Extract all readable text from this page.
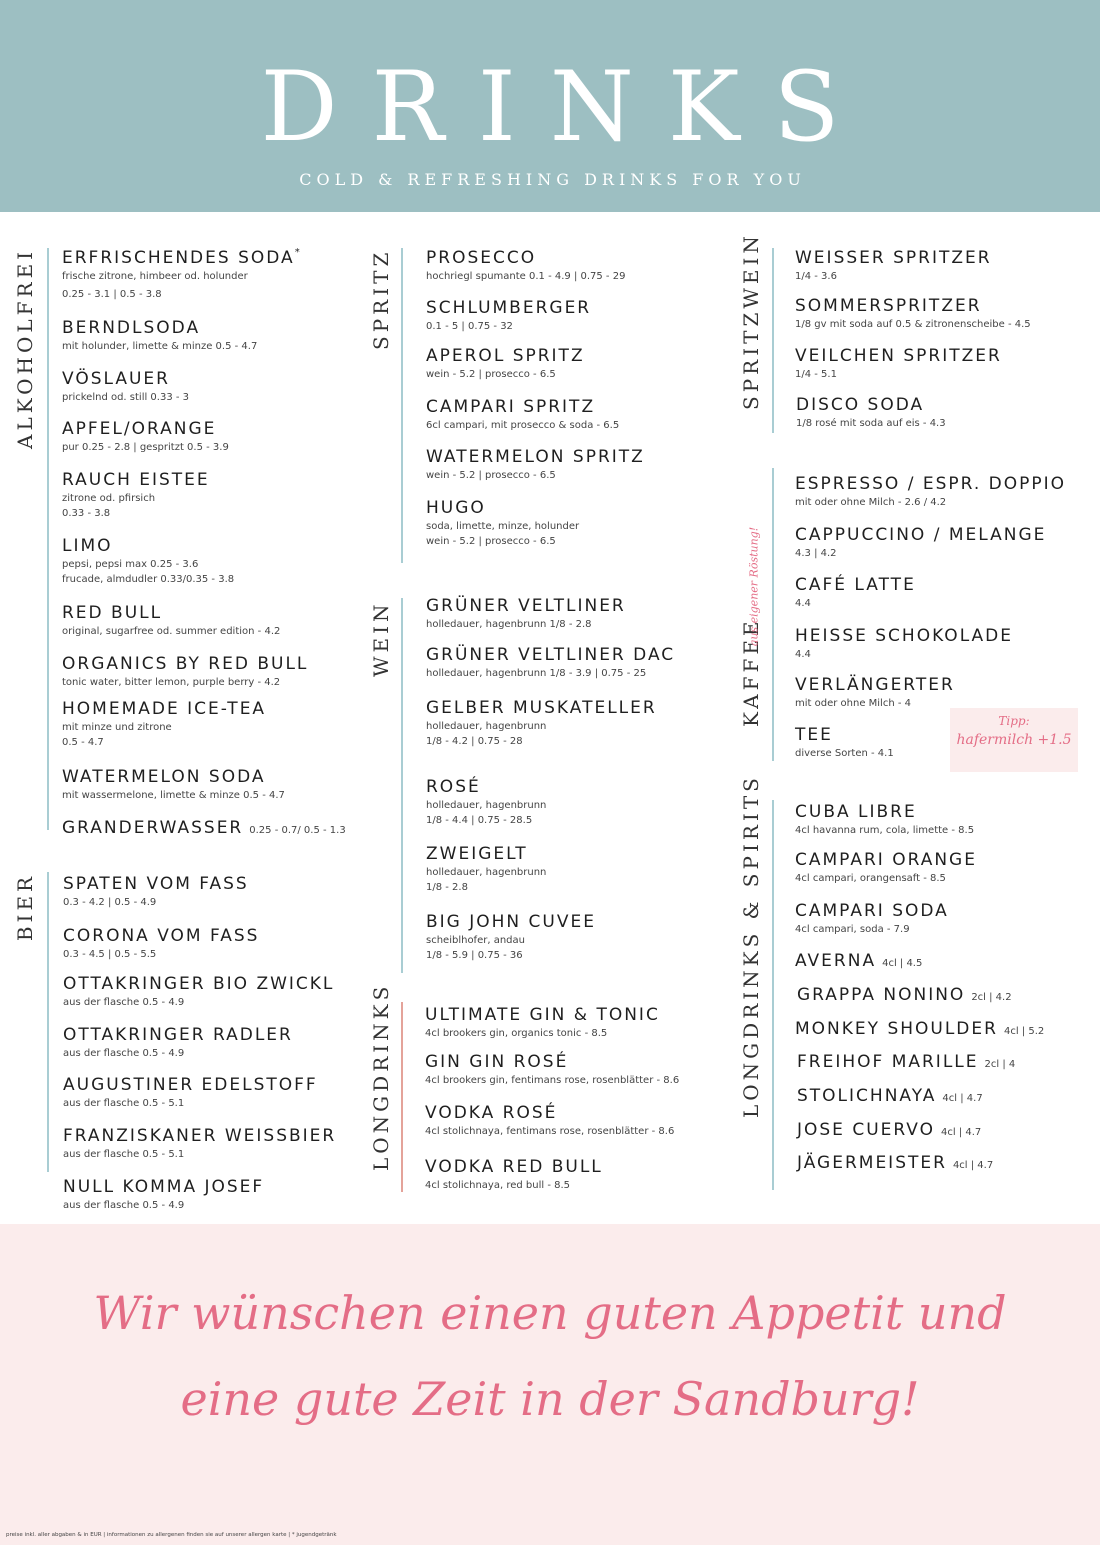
DRINKS
COLD & REFRESHING DRINKS FOR YOU
ALKOHOLFREI
BIER
SPRITZ
WEIN
LONGDRINKS
SPRITZWEIN
KAFFEE
aus eigener Röstung!
LONGDRINKS & SPIRITS
ERFRISCHENDES SODA*
frische zitrone, himbeer od. holunder
0.25 - 3.1 | 0.5 - 3.8
BERNDLSODA
mit holunder, limette & minze 0.5 - 4.7
VÖSLAUER
prickelnd od. still 0.33 - 3
APFEL/ORANGE
pur 0.25 - 2.8 | gespritzt 0.5 - 3.9
RAUCH EISTEE
zitrone od. pfirsich
0.33 - 3.8
LIMO
pepsi, pepsi max 0.25 - 3.6
frucade, almdudler 0.33/0.35 - 3.8
RED BULL
original, sugarfree od. summer edition - 4.2
ORGANICS BY RED BULL
tonic water, bitter lemon, purple berry - 4.2
HOMEMADE ICE-TEA
mit minze und zitrone
0.5 - 4.7
WATERMELON SODA
mit wassermelone, limette & minze 0.5 - 4.7
GRANDERWASSER 0.25 - 0.7/ 0.5 - 1.3
SPATEN VOM FASS
0.3 - 4.2 | 0.5 - 4.9
CORONA VOM FASS
0.3 - 4.5 | 0.5 - 5.5
OTTAKRINGER BIO ZWICKL
aus der flasche 0.5 - 4.9
OTTAKRINGER RADLER
aus der flasche 0.5 - 4.9
AUGUSTINER EDELSTOFF
aus der flasche 0.5 - 5.1
FRANZISKANER WEISSBIER
aus der flasche 0.5 - 5.1
NULL KOMMA JOSEF
aus der flasche 0.5 - 4.9
PROSECCO
hochriegl spumante 0.1 - 4.9 | 0.75 - 29
SCHLUMBERGER
0.1 - 5 | 0.75 - 32
APEROL SPRITZ
wein - 5.2 | prosecco - 6.5
CAMPARI SPRITZ
6cl campari, mit prosecco & soda - 6.5
WATERMELON SPRITZ
wein - 5.2 | prosecco - 6.5
HUGO
soda, limette, minze, holunder
wein - 5.2 | prosecco - 6.5
GRÜNER VELTLINER
holledauer, hagenbrunn 1/8 - 2.8
GRÜNER VELTLINER DAC
holledauer, hagenbrunn 1/8 - 3.9 | 0.75 - 25
GELBER MUSKATELLER
holledauer, hagenbrunn
1/8 - 4.2 | 0.75 - 28
ROSÉ
holledauer, hagenbrunn
1/8 - 4.4 | 0.75 - 28.5
ZWEIGELT
holledauer, hagenbrunn
1/8 - 2.8
BIG JOHN CUVEE
scheiblhofer, andau
1/8 - 5.9 | 0.75 - 36
ULTIMATE GIN & TONIC
4cl brookers gin, organics tonic - 8.5
GIN GIN ROSÉ
4cl brookers gin, fentimans rose, rosenblätter - 8.6
VODKA ROSÉ
4cl stolichnaya, fentimans rose, rosenblätter - 8.6
VODKA RED BULL
4cl stolichnaya, red bull - 8.5
WEISSER SPRITZER
1/4 - 3.6
SOMMERSPRITZER
1/8 gv mit soda auf 0.5 & zitronenscheibe - 4.5
VEILCHEN SPRITZER
1/4 - 5.1
DISCO SODA
1/8 rosé mit soda auf eis - 4.3
ESPRESSO / ESPR. DOPPIO
mit oder ohne Milch - 2.6 / 4.2
CAPPUCCINO / MELANGE
4.3 | 4.2
CAFÉ LATTE
4.4
HEISSE SCHOKOLADE
4.4
VERLÄNGERTER
mit oder ohne Milch - 4
TEE
diverse Sorten - 4.1
Tipp:
hafermilch +1.5
CUBA LIBRE
4cl havanna rum, cola, limette - 8.5
CAMPARI ORANGE
4cl campari, orangensaft - 8.5
CAMPARI SODA
4cl campari, soda - 7.9
AVERNA 4cl | 4.5
GRAPPA NONINO 2cl | 4.2
MONKEY SHOULDER 4cl | 5.2
FREIHOF MARILLE 2cl | 4
STOLICHNAYA 4cl | 4.7
JOSE CUERVO 4cl | 4.7
JÄGERMEISTER 4cl | 4.7
Wir wünschen einen guten Appetit und
eine gute Zeit in der Sandburg!
preise inkl. aller abgaben & in EUR | informationen zu allergenen finden sie auf unserer allergen karte | * jugendgetränk
